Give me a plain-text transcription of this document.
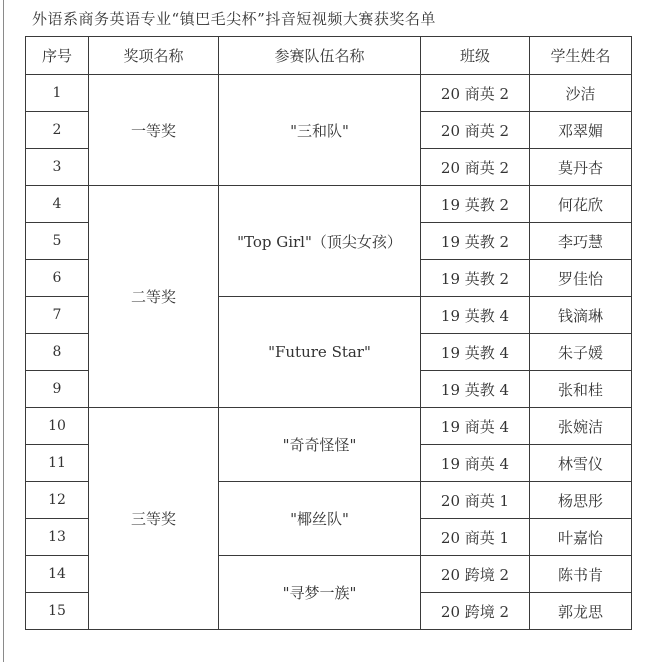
外语系商务英语专业“镇巴毛尖杯”抖音短视频大赛获奖名单
序号	奖项名称	参赛队伍名称	班级	学生姓名
1	一等奖	"三和队"	20 商英 2	沙洁
2			20 商英 2	邓翠媚
3			20 商英 2	莫丹杏
4	二等奖	"Top Girl"（顶尖女孩）	19 英教 2	何花欣
5			19 英教 2	李巧慧
6			19 英教 2	罗佳怡
7		"Future Star"	19 英教 4	钱滴琳
8			19 英教 4	朱子媛
9			19 英教 4	张和桂
10	三等奖	"奇奇怪怪"	19 商英 4	张婉洁
11			19 商英 4	林雪仪
12		"椰丝队"	20 商英 1	杨思彤
13			20 商英 1	叶嘉怡
14		"寻梦一族"	20 跨境 2	陈书肯
15			20 跨境 2	郭龙思
